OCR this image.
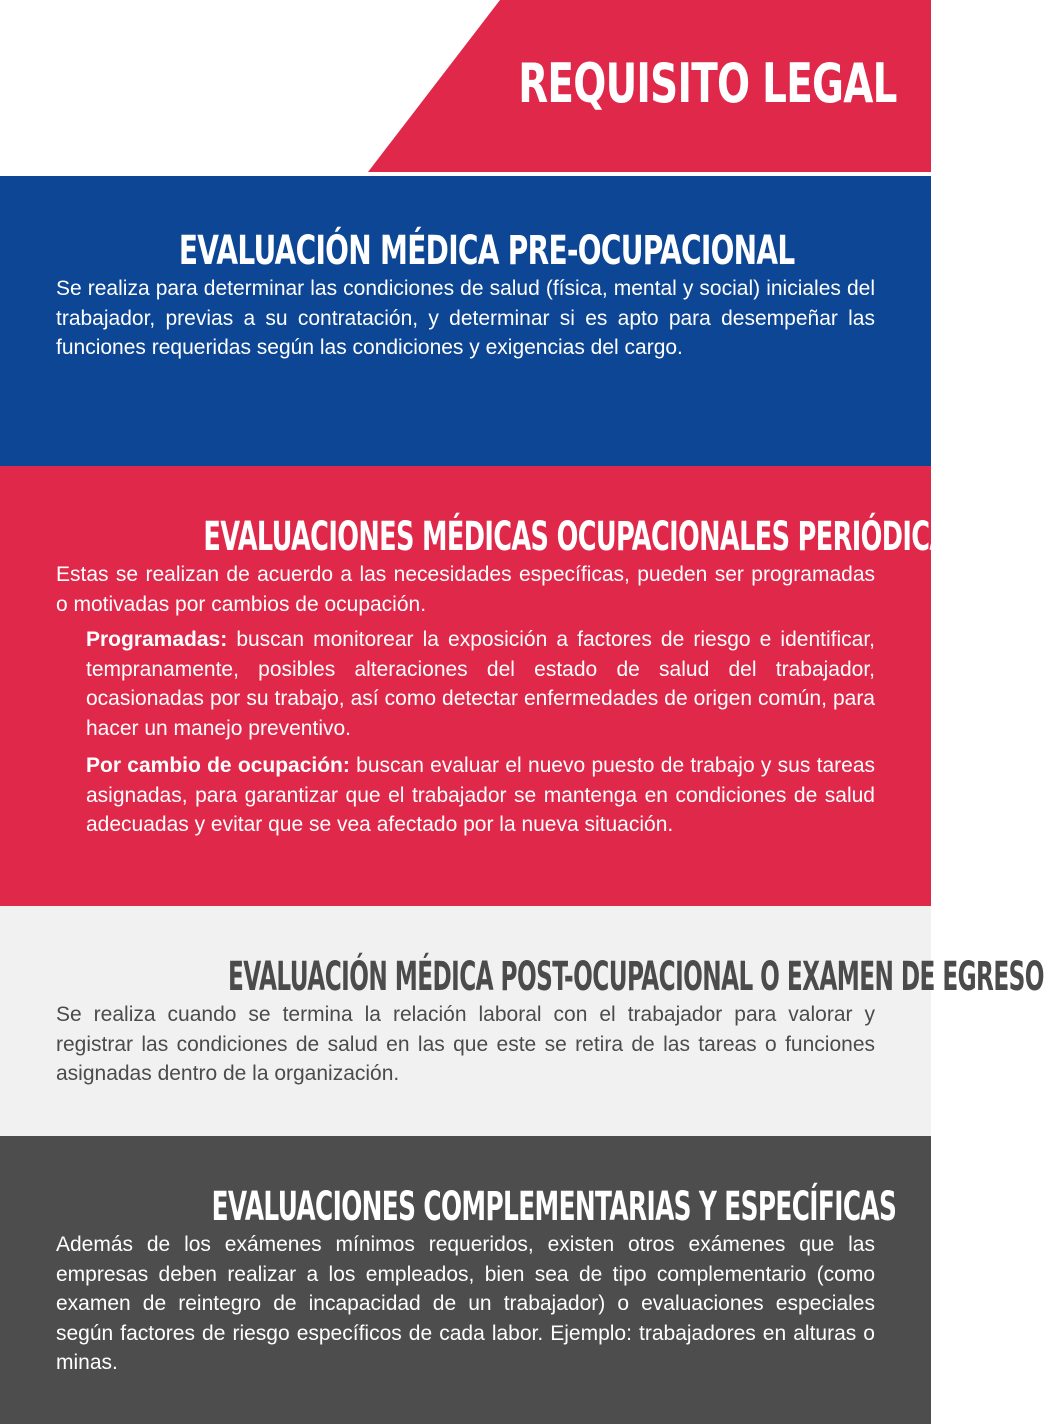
REQUISITO LEGAL
EVALUACIÓN MÉDICA PRE-OCUPACIONAL

Se realiza para determinar las condiciones de salud (física, mental y social) iniciales del trabajador, previas a su contratación, y determinar si es apto para desempeñar las funciones requeridas según las condiciones y exigencias del cargo.

EVALUACIONES MÉDICAS OCUPACIONALES PERIÓDICAS

Estas se realizan de acuerdo a las necesidades específicas, pueden ser programadas o motivadas por cambios de ocupación.

Programadas: buscan monitorear la exposición a factores de riesgo e identificar, tempranamente, posibles alteraciones del estado de salud del trabajador, ocasionadas por su trabajo, así como detectar enfermedades de origen común, para hacer un manejo preventivo.

Por cambio de ocupación: buscan evaluar el nuevo puesto de trabajo y sus tareas asignadas, para garantizar que el trabajador se mantenga en condiciones de salud adecuadas y evitar que se vea afectado por la nueva situación.

EVALUACIÓN MÉDICA POST-OCUPACIONAL O EXAMEN DE EGRESO

Se realiza cuando se termina la relación laboral con el trabajador para valorar y registrar las condiciones de salud en las que este se retira de las tareas o funciones asignadas dentro de la organización.

EVALUACIONES COMPLEMENTARIAS Y ESPECÍFICAS

Además de los exámenes mínimos requeridos, existen otros exámenes que las empresas deben realizar a los empleados, bien sea de tipo complementario (como examen de reintegro de incapacidad de un trabajador) o evaluaciones especiales según factores de riesgo específicos de cada labor. Ejemplo: trabajadores en alturas o minas.
